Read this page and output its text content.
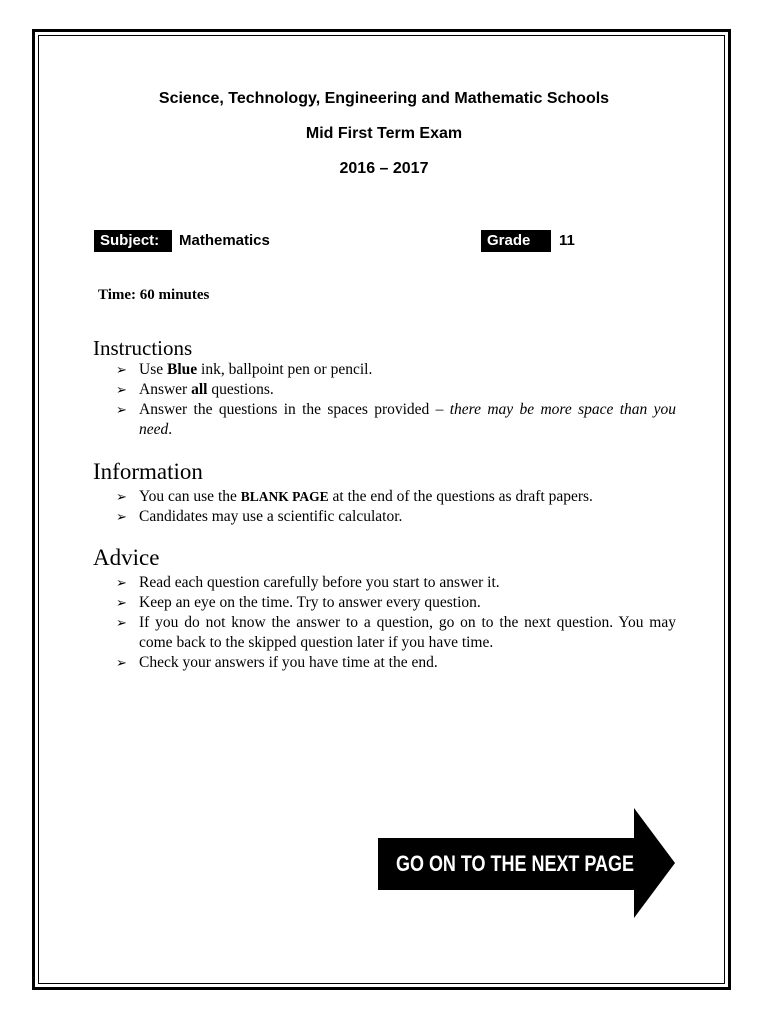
Science, Technology, Engineering and Mathematic Schools
Mid First Term Exam
2016 – 2017
Subject:	Mathematics	Grade	11
Time: 60 minutes
Instructions
➢ Use Blue ink, ballpoint pen or pencil.
➢ Answer all questions.
➢ Answer the questions in the spaces provided – there may be more space than you need.
Information
➢ You can use the BLANK PAGE at the end of the questions as draft papers.
➢ Candidates may use a scientific calculator.
Advice
➢ Read each question carefully before you start to answer it.
➢ Keep an eye on the time. Try to answer every question.
➢ If you do not know the answer to a question, go on to the next question. You may come back to the skipped question later if you have time.
➢ Check your answers if you have time at the end.
GO ON TO THE NEXT PAGE
